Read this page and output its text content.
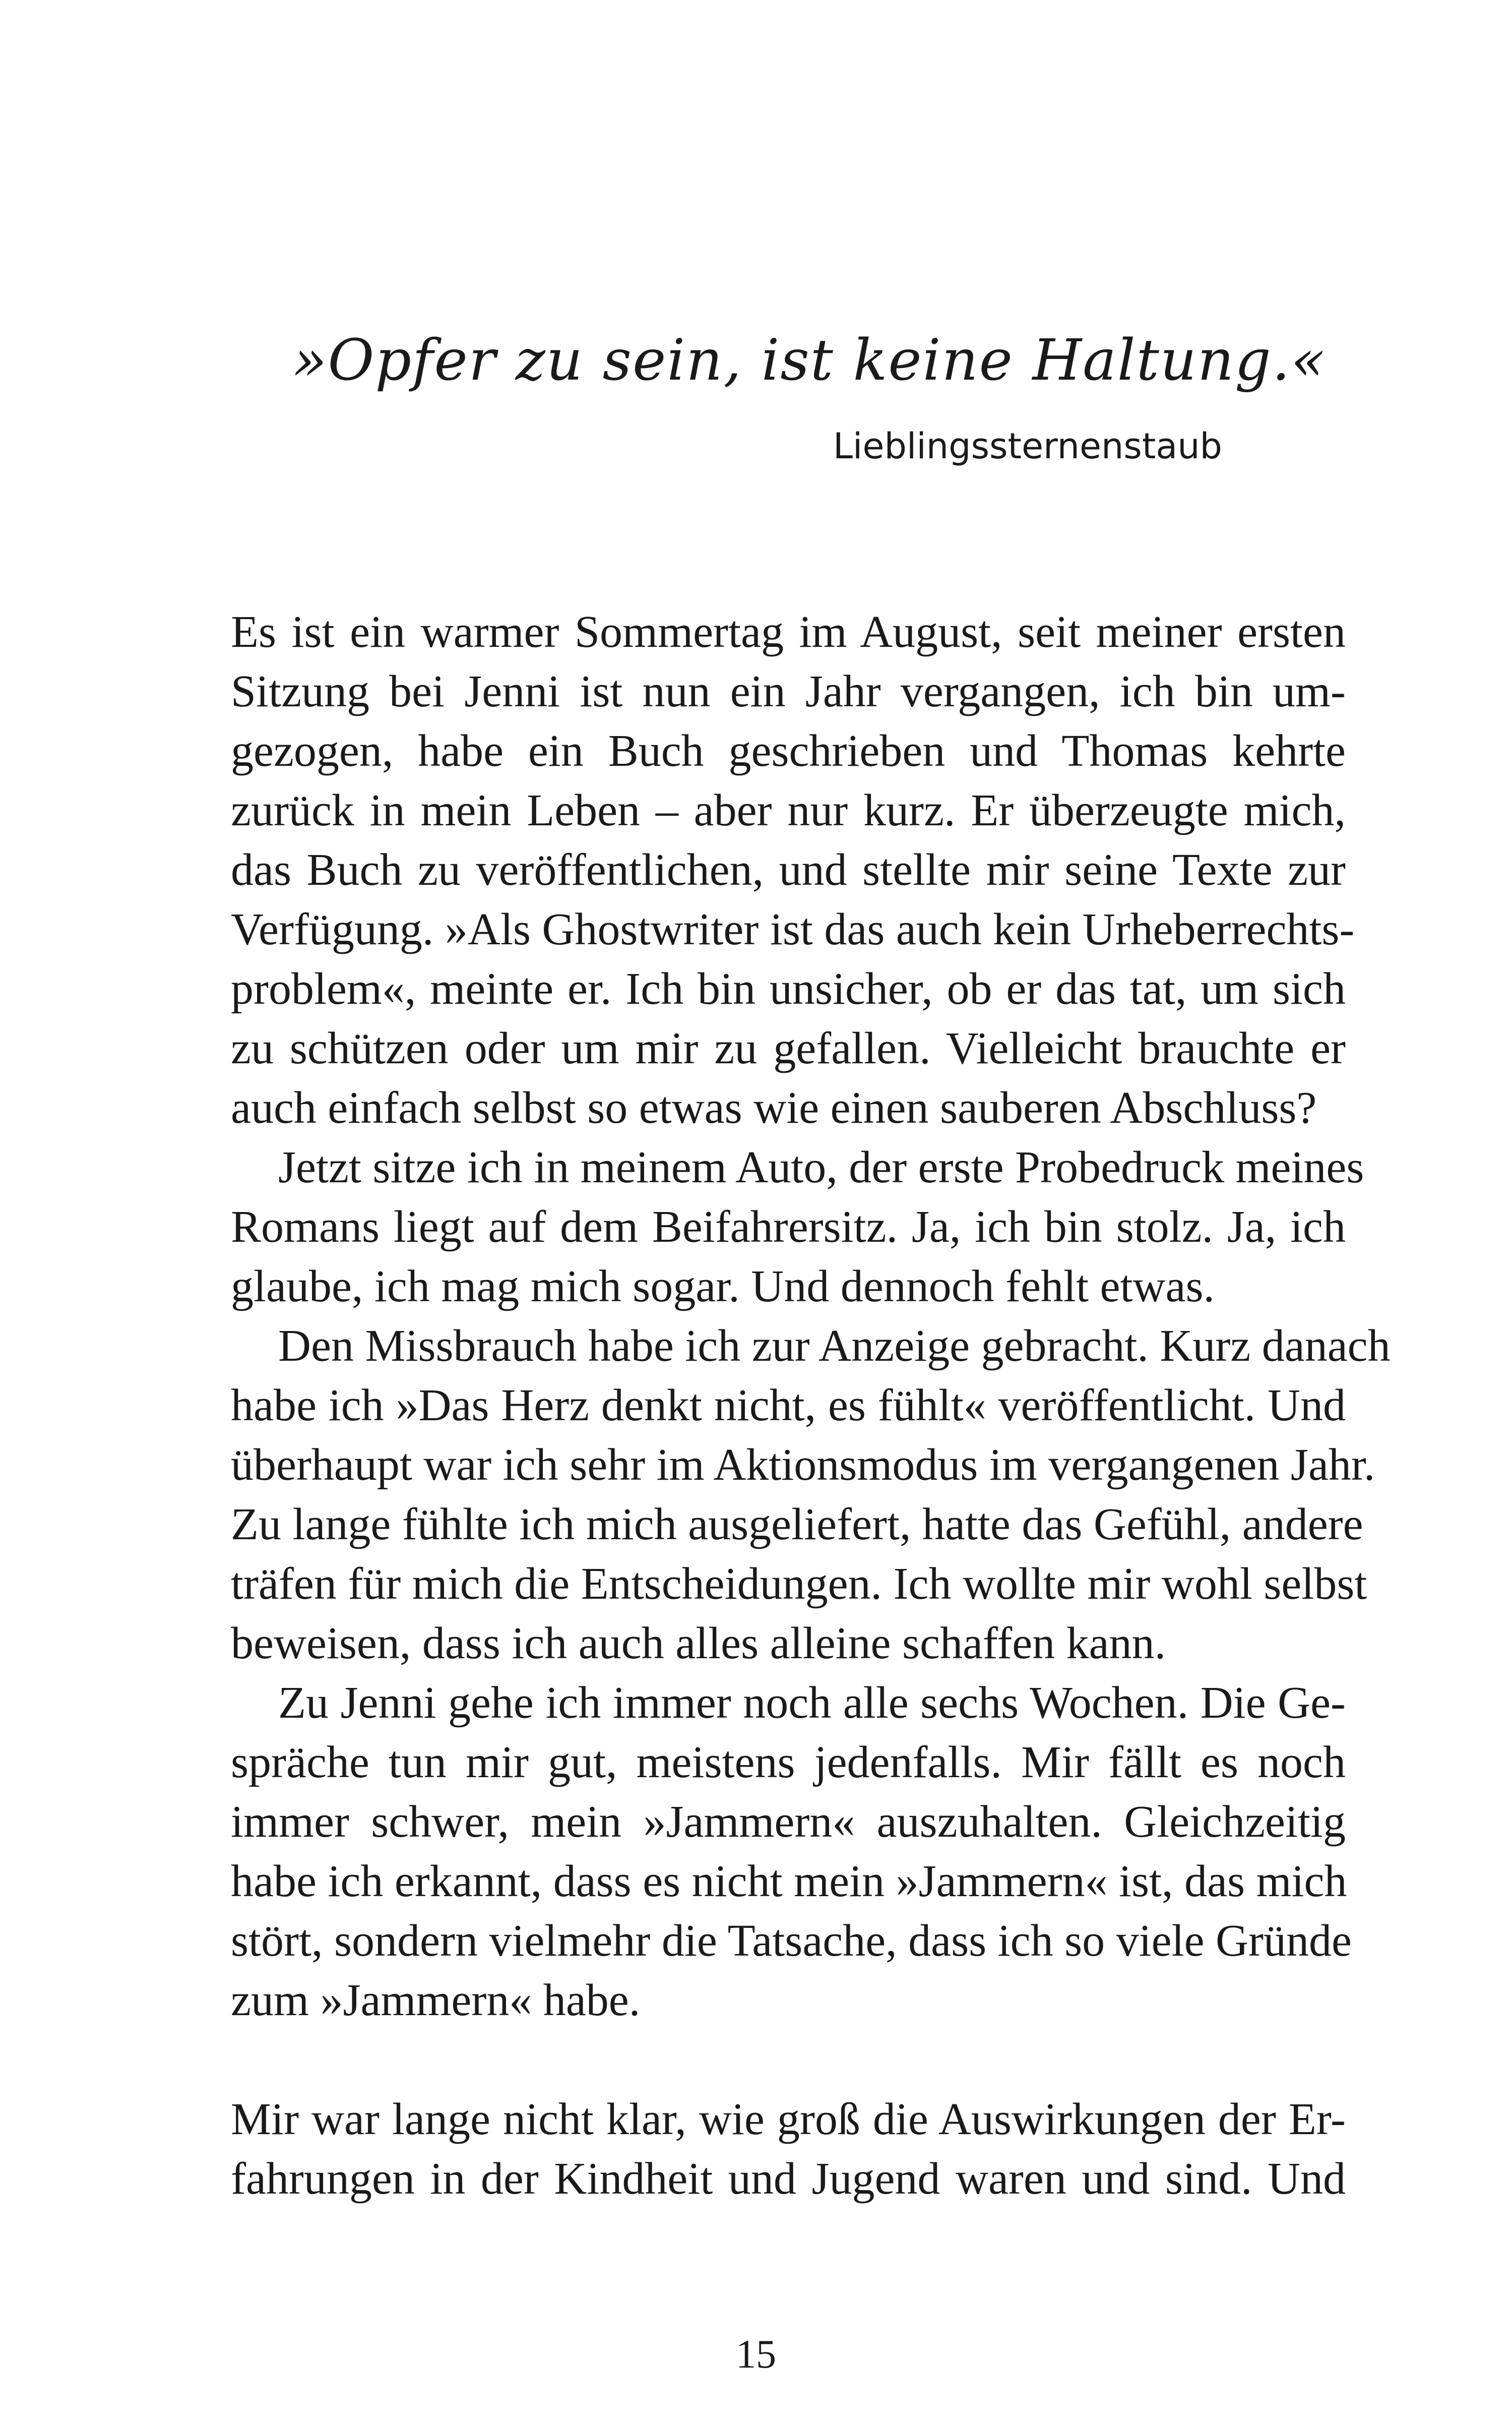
»Opfer zu sein, ist keine Haltung.«
Lieblingssternenstaub
Es ist ein warmer Sommertag im August, seit meiner ersten
Sitzung bei Jenni ist nun ein Jahr vergangen, ich bin um-
gezogen, habe ein Buch geschrieben und Thomas kehrte
zurück in mein Leben – aber nur kurz. Er überzeugte mich,
das Buch zu veröffentlichen, und stellte mir seine Texte zur
Verfügung. »Als Ghostwriter ist das auch kein Urheberrechts-
problem«, meinte er. Ich bin unsicher, ob er das tat, um sich
zu schützen oder um mir zu gefallen. Vielleicht brauchte er
auch einfach selbst so etwas wie einen sauberen Abschluss?
Jetzt sitze ich in meinem Auto, der erste Probedruck meines
Romans liegt auf dem Beifahrersitz. Ja, ich bin stolz. Ja, ich
glaube, ich mag mich sogar. Und dennoch fehlt etwas.
Den Missbrauch habe ich zur Anzeige gebracht. Kurz danach
habe ich »Das Herz denkt nicht, es fühlt« veröffentlicht. Und
überhaupt war ich sehr im Aktionsmodus im vergangenen Jahr.
Zu lange fühlte ich mich ausgeliefert, hatte das Gefühl, andere
träfen für mich die Entscheidungen. Ich wollte mir wohl selbst
beweisen, dass ich auch alles alleine schaffen kann.
Zu Jenni gehe ich immer noch alle sechs Wochen. Die Ge-
spräche tun mir gut, meistens jedenfalls. Mir fällt es noch
immer schwer, mein »Jammern« auszuhalten. Gleichzeitig
habe ich erkannt, dass es nicht mein »Jammern« ist, das mich
stört, sondern vielmehr die Tatsache, dass ich so viele Gründe
zum »Jammern« habe.
Mir war lange nicht klar, wie groß die Auswirkungen der Er-
fahrungen in der Kindheit und Jugend waren und sind. Und
15
